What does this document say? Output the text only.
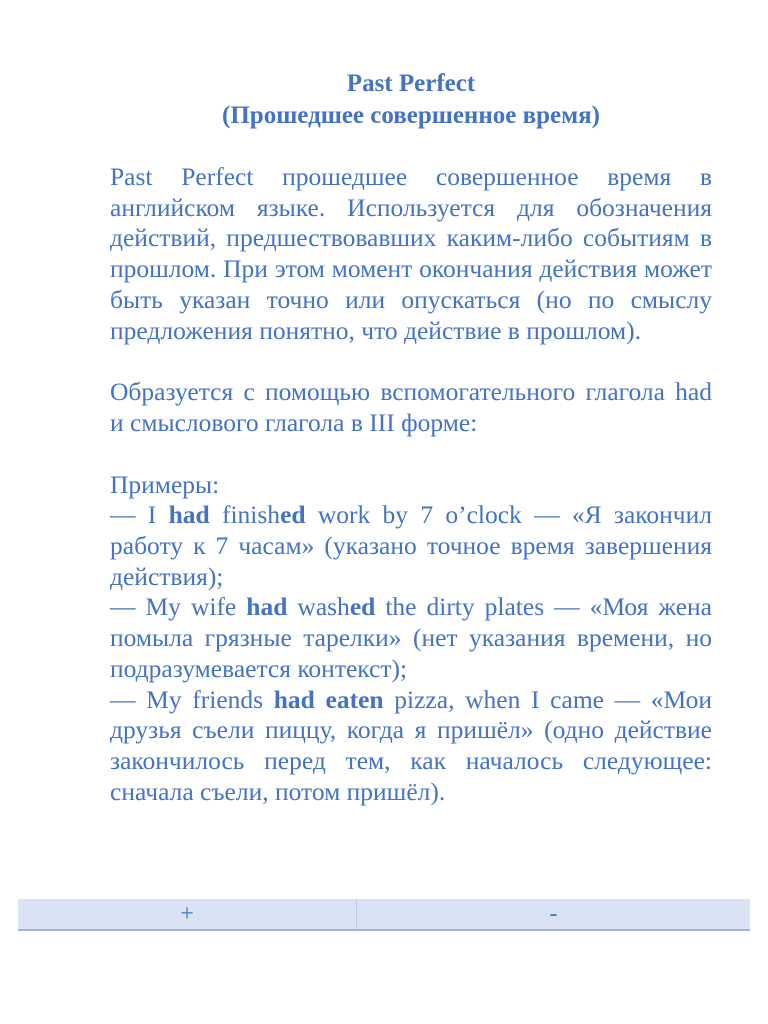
Past Perfect
(Прошедшее совершенное время)

Past Perfect прошедшее совершенное время в английском языке. Используется для обозначения действий, предшествовавших каким-либо событиям в прошлом. При этом момент окончания действия может быть указан точно или опускаться (но по смыслу предложения понятно, что действие в прошлом).

Образуется с помощью вспомогательного глагола had и смыслового глагола в III форме:

Примеры:

— I had finished work by 7 o’clock — «Я закончил работу к 7 часам» (указано точное время завершения действия);
— My wife had washed the dirty plates — «Моя жена помыла грязные тарелки» (нет указания времени, но подразумевается контекст);
— My friends had eaten pizza, when I came — «Мои друзья съели пиццу, когда я пришёл» (одно действие закончилось перед тем, как началось следующее: сначала съели, потом пришёл).
+	-
